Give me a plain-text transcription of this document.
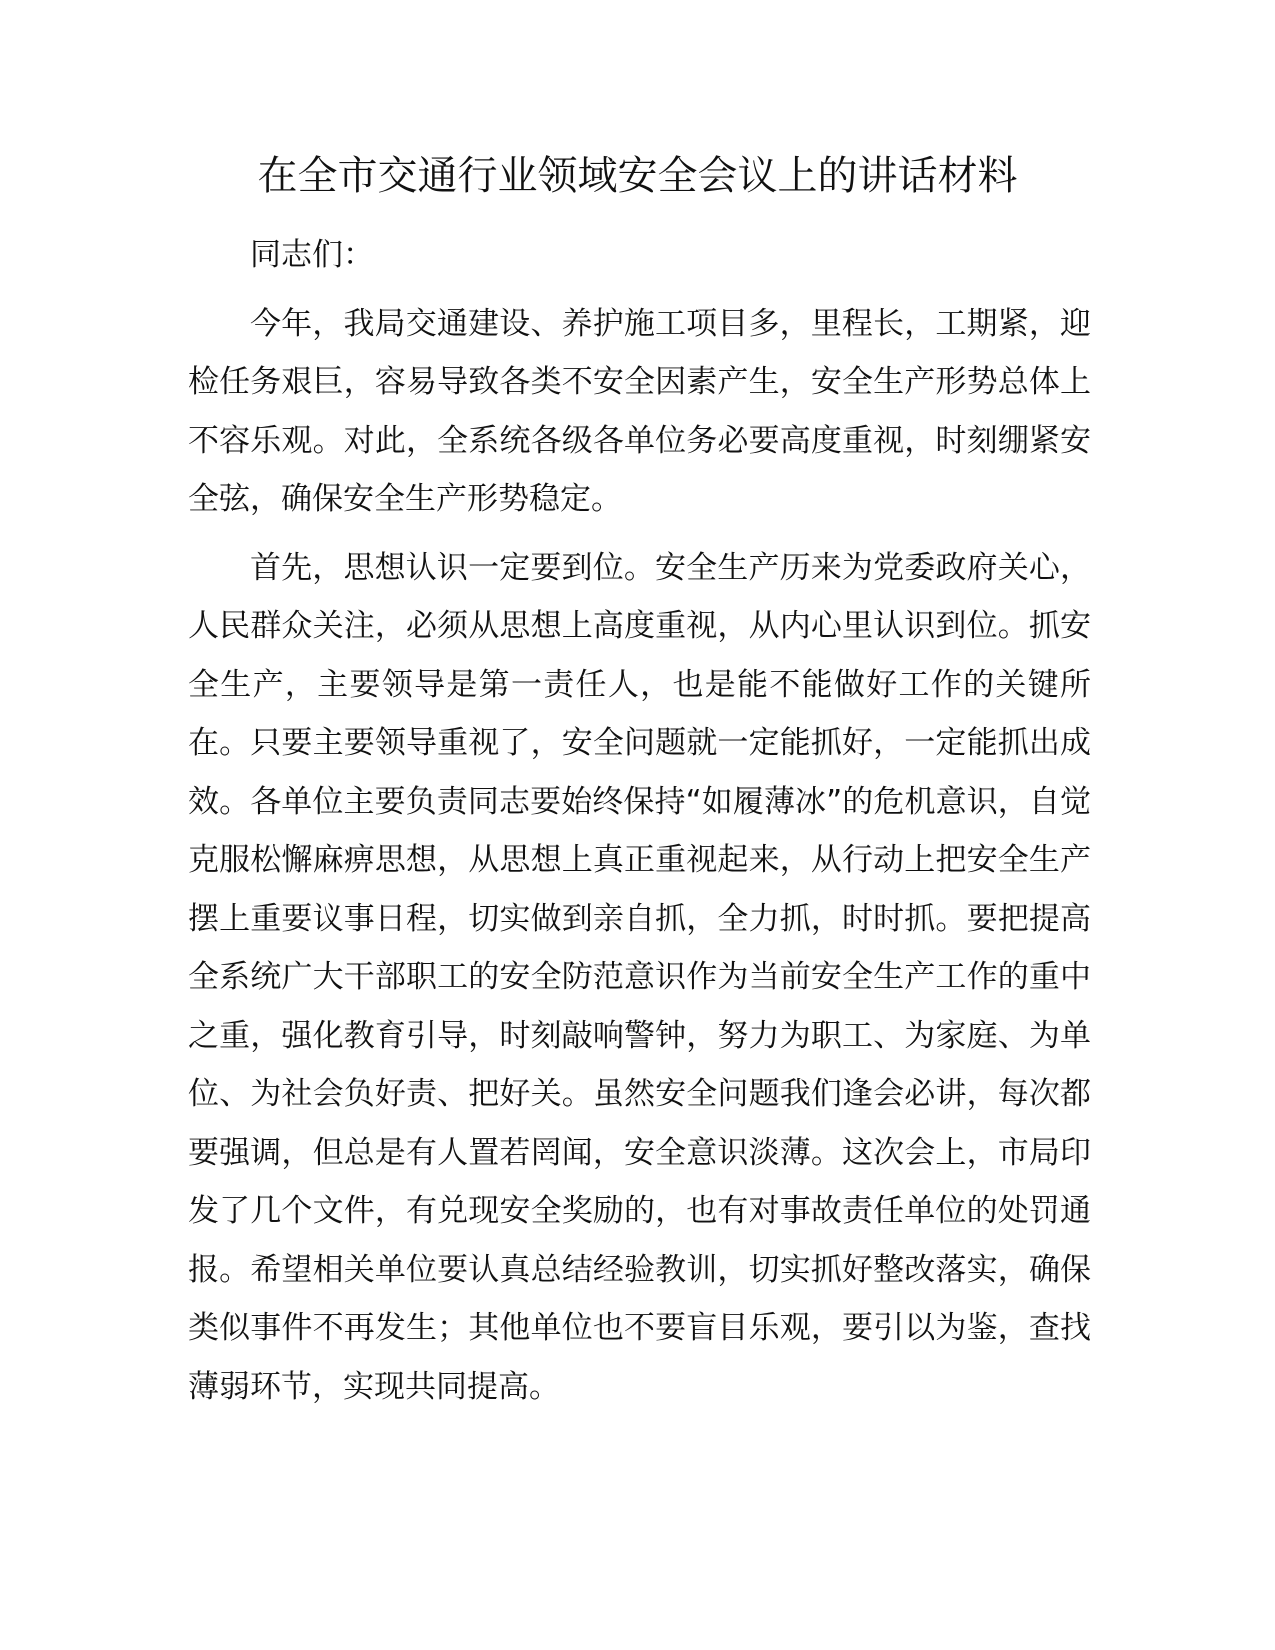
在全市交通行业领域安全会议上的讲话材料

同志们：

今年，我局交通建设、养护施工项目多，里程长，工期紧，迎检任务艰巨，容易导致各类不安全因素产生，安全生产形势总体上不容乐观。对此，全系统各级各单位务必要高度重视，时刻绷紧安全弦，确保安全生产形势稳定。

首先，思想认识一定要到位。安全生产历来为党委政府关心，人民群众关注，必须从思想上高度重视，从内心里认识到位。抓安全生产，主要领导是第一责任人，也是能不能做好工作的关键所在。只要主要领导重视了，安全问题就一定能抓好，一定能抓出成效。各单位主要负责同志要始终保持“如履薄冰”的危机意识，自觉克服松懈麻痹思想，从思想上真正重视起来，从行动上把安全生产摆上重要议事日程，切实做到亲自抓，全力抓，时时抓。要把提高全系统广大干部职工的安全防范意识作为当前安全生产工作的重中之重，强化教育引导，时刻敲响警钟，努力为职工、为家庭、为单位、为社会负好责、把好关。虽然安全问题我们逢会必讲，每次都要强调，但总是有人置若罔闻，安全意识淡薄。这次会上，市局印发了几个文件，有兑现安全奖励的，也有对事故责任单位的处罚通报。希望相关单位要认真总结经验教训，切实抓好整改落实，确保类似事件不再发生；其他单位也不要盲目乐观，要引以为鉴，查找薄弱环节，实现共同提高。
